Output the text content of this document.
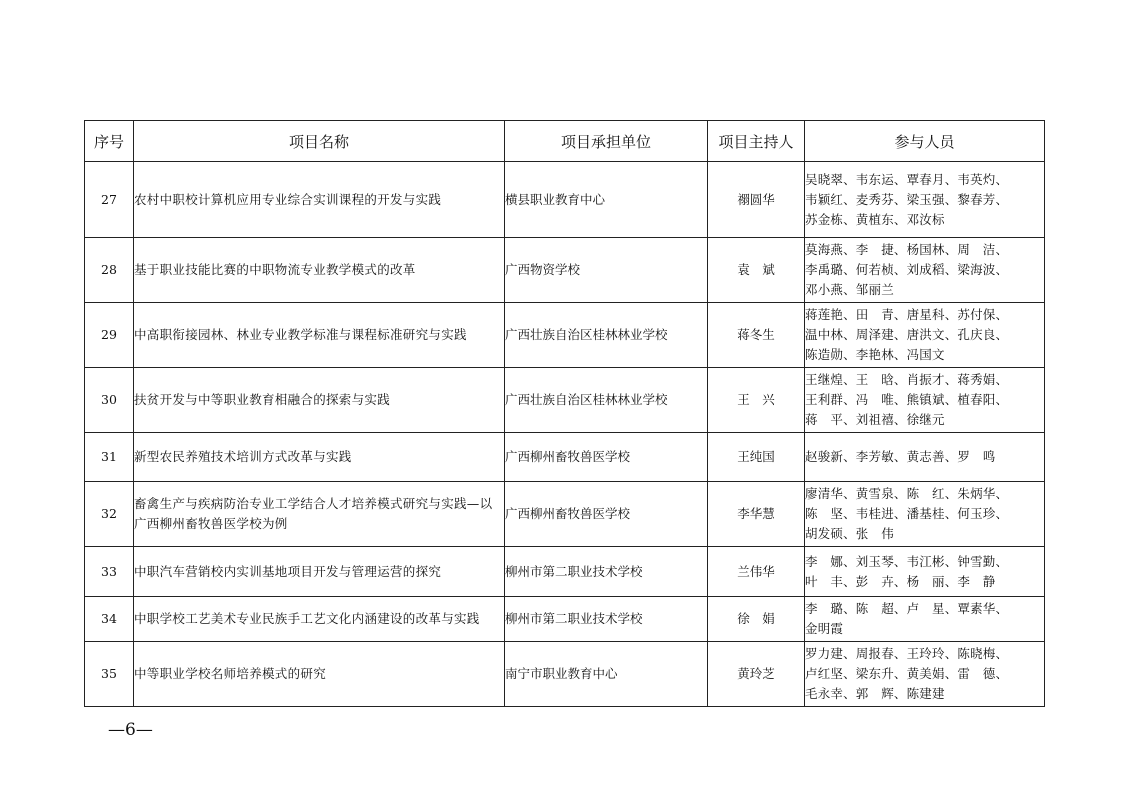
序号	项目名称	项目承担单位	项目主持人	参与人员
27	农村中职校计算机应用专业综合实训课程的开发与实践	横县职业教育中心	禤圆华	吴晓翠、韦东运、覃春月、韦英灼、
韦颖红、麦秀芬、梁玉强、黎春芳、
苏金栋、黄植东、邓汝标

28	基于职业技能比赛的中职物流专业教学模式的改革	广西物资学校	袁　斌	莫海燕、李　捷、杨国林、周　洁、
李禹璐、何若桢、刘成稻、梁海波、
邓小燕、邹丽兰

29	中高职衔接园林、林业专业教学标准与课程标准研究与实践	广西壮族自治区桂林林业学校	蒋冬生	蒋莲艳、田　青、唐星科、苏付保、
温中林、周泽建、唐洪文、孔庆良、
陈造勋、李艳林、冯国文

30	扶贫开发与中等职业教育相融合的探索与实践	广西壮族自治区桂林林业学校	王　兴	王继煌、王　晗、肖振才、蒋秀娟、
王利群、冯　唯、熊镇斌、植春阳、
蒋　平、刘祖禧、徐继元

31	新型农民养殖技术培训方式改革与实践	广西柳州畜牧兽医学校	王纯国	赵骏新、李芳敏、黄志善、罗　鸣

32	畜禽生产与疾病防治专业工学结合人才培养模式研究与实践—以广西柳州畜牧兽医学校为例	广西柳州畜牧兽医学校	李华慧	廖清华、黄雪泉、陈　红、朱炳华、
陈　坚、韦桂进、潘基桂、何玉珍、
胡发硕、张　伟

33	中职汽车营销校内实训基地项目开发与管理运营的探究	柳州市第二职业技术学校	兰伟华	李　娜、刘玉琴、韦江彬、钟雪勤、
叶　丰、彭　卉、杨　丽、李　静

34	中职学校工艺美术专业民族手工艺文化内涵建设的改革与实践	柳州市第二职业技术学校	徐　娟	李　璐、陈　超、卢　星、覃素华、
金明霞

35	中等职业学校名师培养模式的研究	南宁市职业教育中心	黄玲芝	罗力建、周报春、王玲玲、陈晓梅、
卢红坚、梁东升、黄美娟、雷　德、
毛永幸、郭　辉、陈建建
—6—
